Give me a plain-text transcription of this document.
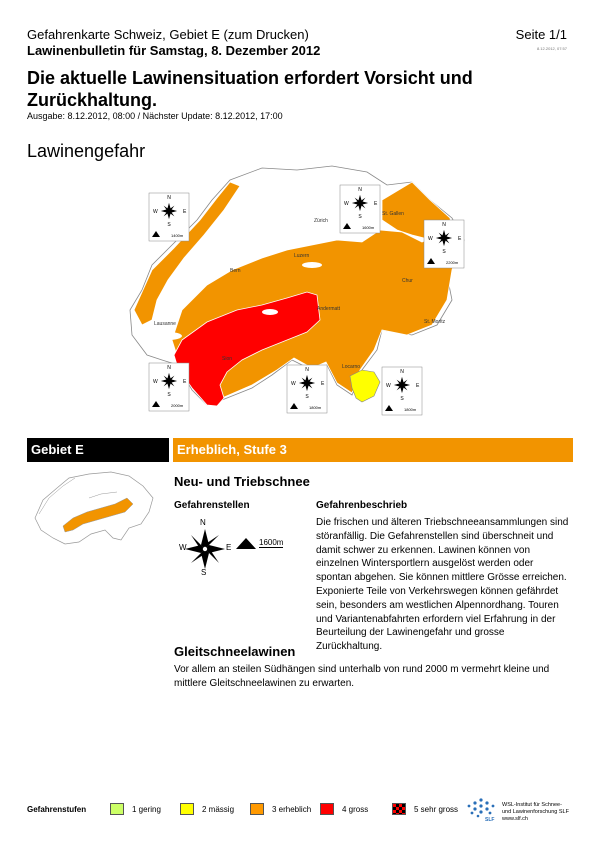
Gefahrenkarte Schweiz, Gebiet E (zum Drucken)
Lawinenbulletin für Samstag, 8. Dezember 2012
Seite 1/1
8.12.2012, 07:57
Die aktuelle Lawinensituation erfordert Vorsicht und Zurückhaltung.
Ausgabe: 8.12.2012, 08:00 / Nächster Update: 8.12.2012, 17:00
Lawinengefahr
Zürich
St. Gallen
Luzern
Chur
Bern
Andermatt
St. Moritz
Lausanne
Locarno
Sion
N
W	E
S
1400m
N
W	E
S
1600m	N
W	E
S
2200m
N
W	E
S
2000m
N
W	E
S
1800m
N
W	E
S
1800m
Gebiet E	Erheblich, Stufe 3
Neu- und Triebschnee
Gefahrenstellen	Gefahrenbeschrieb
N
W	E
S
1600m
Die frischen und älteren Triebschneeansammlungen sind störanfällig. Die Gefahrenstellen sind überschneit und damit schwer zu erkennen. Lawinen können von einzelnen Wintersportlern ausgelöst werden oder spontan abgehen. Sie können mittlere Grösse erreichen. Exponierte Teile von Verkehrswegen können gefährdet sein, besonders am westlichen Alpennordhang. Touren und Variantenabfahrten erfordern viel Erfahrung in der Beurteilung der Lawinengefahr und grosse Zurückhaltung.
Gleitschneelawinen
Vor allem an steilen Südhängen sind unterhalb von rund 2000 m vermehrt kleine und mittlere Gleitschneelawinen zu erwarten.
Gefahrenstufen	1 gering	2 mässig	3 erheblich	4 gross	5 sehr gross
SLF
WSL-Institut für Schnee-
und Lawinenforschung SLF
www.slf.ch
